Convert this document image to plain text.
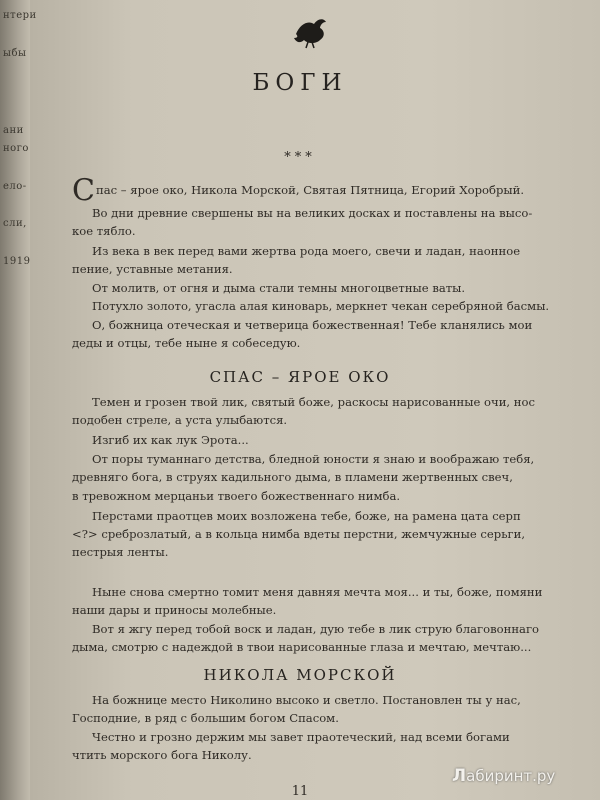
нтери
ыбы
ани
ного
ело-
сли,
1919
БОГИ
***
Спас – ярое око, Никола Морской, Святая Пятница, Егорий Хоробрый.
Во дни древние свершены вы на великих досках и поставлены на высо-
кое тябло.
Из века в век перед вами жертва рода моего, свечи и ладан, наонное
пение, уставные метания.
От молитв, от огня и дыма стали темны многоцветные ваты.
Потухло золото, угасла алая киноварь, меркнет чекан серебряной басмы.
О, божница отеческая и четверица божественная! Тебе кланялись мои
деды и отцы, тебе ныне я собеседую.
СПАС – ЯРОЕ ОКО
Темен и грозен твой лик, святый боже, раскосы нарисованные очи, нос
подобен стреле, а уста улыбаются.
Изгиб их как лук Эрота...
От поры туманнаго детства, бледной юности я знаю и воображаю тебя,
древняго бога, в струях кадильного дыма, в пламени жертвенных свеч,
в тревожном мерцаньи твоего божественнаго нимба.
Перстами праотцев моих возложена тебе, боже, на рамена цата серп
<?> среброзлатый, а в кольца нимба вдеты перстни, жемчужные серьги,
пестрыя ленты.
Ныне снова смертно томит меня давняя мечта моя... и ты, боже, помяни
наши дары и приносы молебные.
Вот я жгу перед тобой воск и ладан, дую тебе в лик струю благовоннаго
дыма, смотрю с надеждой в твои нарисованные глаза и мечтаю, мечтаю...
НИКОЛА МОРСКОЙ
На божнице место Николино высоко и светло. Постановлен ты у нас,
Господние, в ряд с большим богом Спасом.
Честно и грозно держим мы завет праотеческий, над всеми богами
чтить морского бога Николу.
11
Лабиринт.ру
